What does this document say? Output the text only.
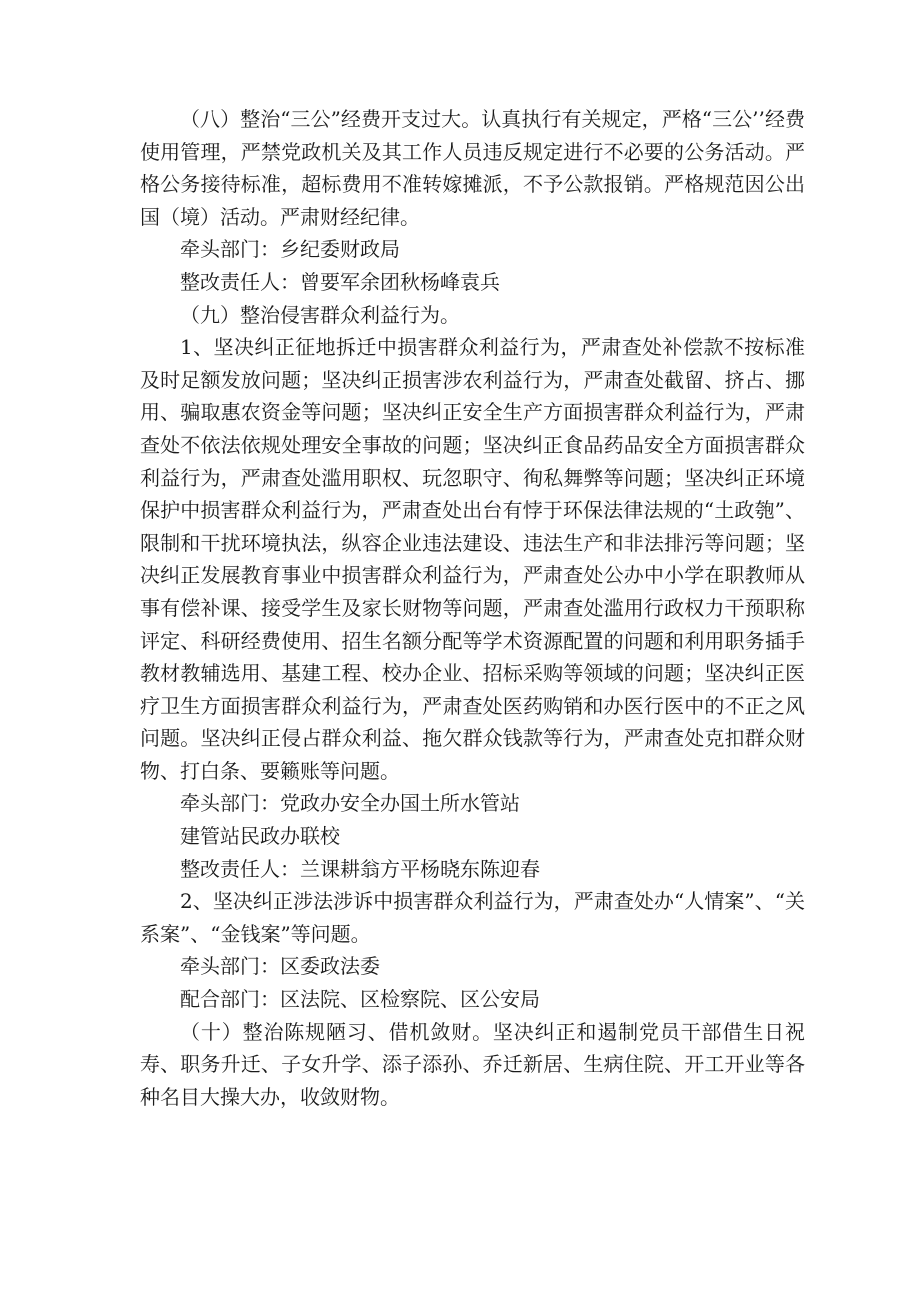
（八）整治“三公”经费开支过大。认真执行有关规定，严格“三公’’经费使用管理，严禁党政机关及其工作人员违反规定进行不必要的公务活动。严格公务接待标准，超标费用不准转嫁摊派，不予公款报销。严格规范因公出国（境）活动。严肃财经纪律。

牵头部门：乡纪委财政局

整改责任人：曾要军余团秋杨峰袁兵

（九）整治侵害群众利益行为。

1、坚决纠正征地拆迁中损害群众利益行为，严肃查处补偿款不按标准及时足额发放问题；坚决纠正损害涉农利益行为，严肃查处截留、挤占、挪用、骗取惠农资金等问题；坚决纠正安全生产方面损害群众利益行为，严肃查处不依法依规处理安全事故的问题；坚决纠正食品药品安全方面损害群众利益行为，严肃查处滥用职权、玩忽职守、徇私舞弊等问题；坚决纠正环境保护中损害群众利益行为，严肃查处出台有悖于环保法律法规的“土政匏”、限制和干扰环境执法，纵容企业违法建设、违法生产和非法排污等问题；坚决纠正发展教育事业中损害群众利益行为，严肃查处公办中小学在职教师从事有偿补课、接受学生及家长财物等问题，严肃查处滥用行政权力干预职称评定、科研经费使用、招生名额分配等学术资源配置的问题和利用职务插手教材教辅选用、基建工程、校办企业、招标采购等领域的问题；坚决纠正医疗卫生方面损害群众利益行为，严肃查处医药购销和办医行医中的不正之风问题。坚决纠正侵占群众利益、拖欠群众钱款等行为，严肃查处克扣群众财物、打白条、要籁账等问题。

牵头部门：党政办安全办国土所水管站

建管站民政办联校

整改责任人：兰课耕翁方平杨晓东陈迎春

2、坚决纠正涉法涉诉中损害群众利益行为，严肃查处办“人情案”、“关系案”、“金钱案”等问题。

牵头部门：区委政法委

配合部门：区法院、区检察院、区公安局

（十）整治陈规陋习、借机敛财。坚决纠正和遏制党员干部借生日祝寿、职务升迁、子女升学、添子添孙、乔迁新居、生病住院、开工开业等各种名目大操大办，收敛财物。
